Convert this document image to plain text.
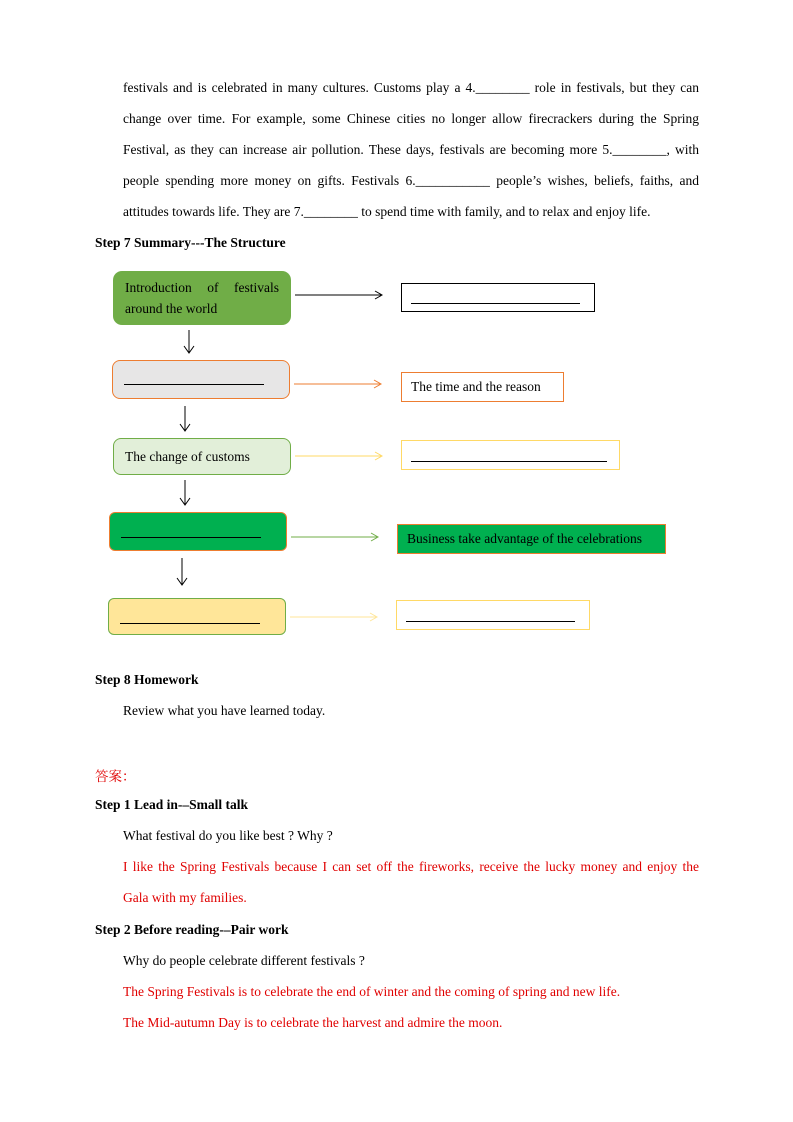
festivals and is celebrated in many cultures. Customs play a 4.________ role in festivals, but they can
change over time. For example, some Chinese cities no longer allow firecrackers during the Spring
Festival, as they can increase air pollution. These days, festivals are becoming more 5.________, with
people spending more money on gifts. Festivals 6.___________ people’s wishes, beliefs, faiths, and
attitudes towards life. They are 7.________ to spend time with family, and to relax and enjoy life.
Step 7 Summary---The Structure
Introduction of festivals around the world
The time and the reason
The change of customs
Business take advantage of the celebrations
Step 8 Homework
Review what you have learned today.
答案：
Step 1 Lead in-–Small talk
What festival do you like best ? Why ?
I like the Spring Festivals because I can set off the fireworks, receive the lucky money and enjoy the
Gala with my families.
Step 2 Before reading-–Pair work
Why do people celebrate different festivals ?
The Spring Festivals is to celebrate the end of winter and the coming of spring and new life.
The Mid-autumn Day is to celebrate the harvest and admire the moon.
